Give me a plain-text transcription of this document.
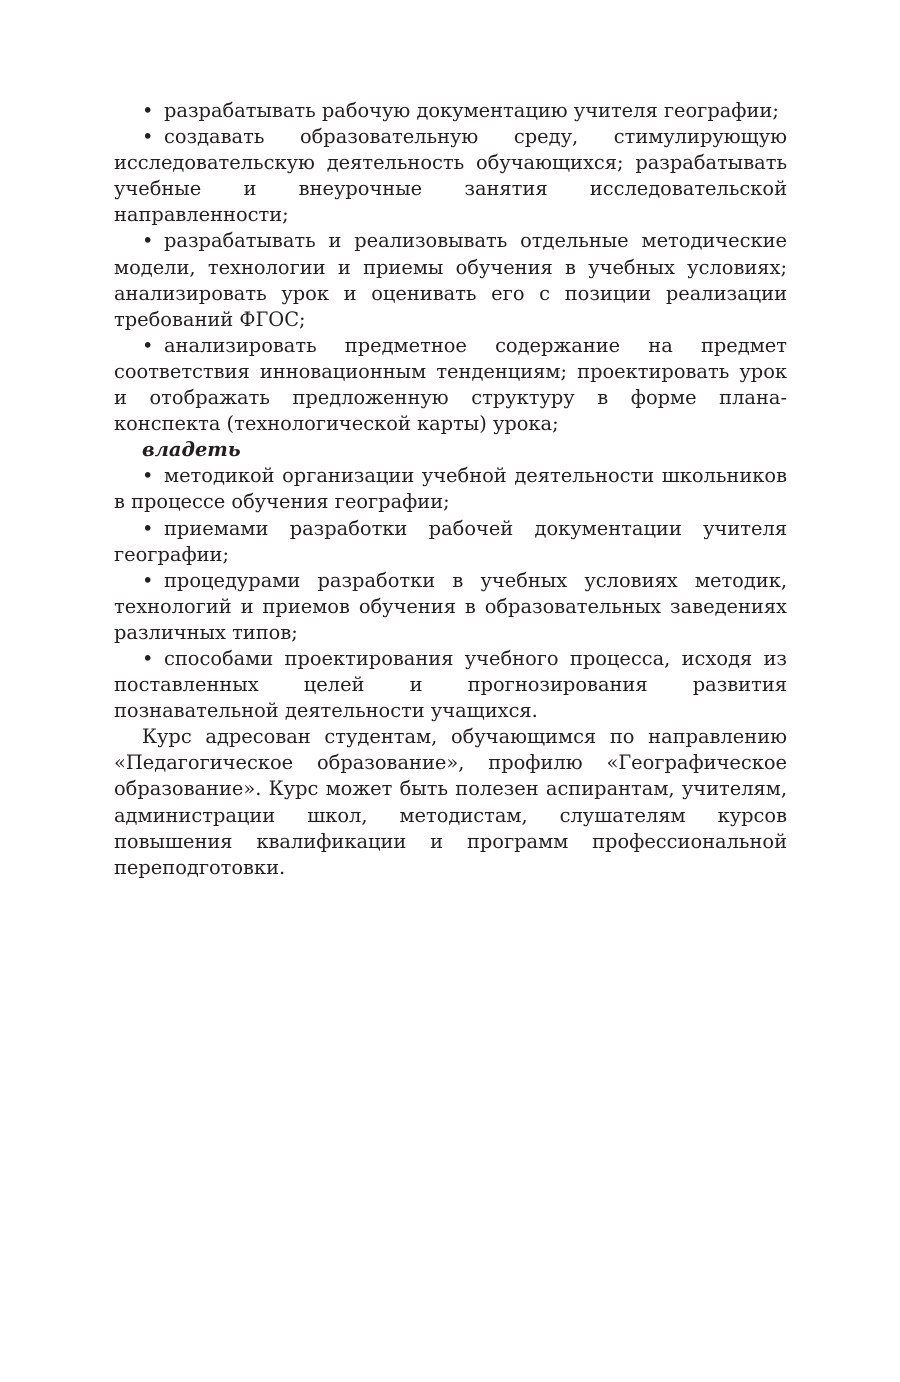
• разрабатывать рабочую документацию учителя географии;

• создавать образовательную среду, стимулирующую исследовательскую деятельность обучающихся; разрабатывать учебные и внеурочные занятия исследовательской направленности;

• разрабатывать и реализовывать отдельные методические модели, технологии и приемы обучения в учебных условиях; анализировать урок и оценивать его с позиции реализации требований ФГОС;

• анализировать предметное содержание на предмет соответствия инновационным тенденциям; проектировать урок и отображать предложенную структуру в форме плана-конспекта (технологической карты) урока;

владеть

• методикой организации учебной деятельности школьников в процессе обучения географии;

• приемами разработки рабочей документации учителя географии;

• процедурами разработки в учебных условиях методик, технологий и приемов обучения в образовательных заведениях различных типов;

• способами проектирования учебного процесса, исходя из поставленных целей и прогнозирования развития познавательной деятельности учащихся.

Курс адресован студентам, обучающимся по направлению «Педагогическое образование», профилю «Географическое образование». Курс может быть полезен аспирантам, учителям, администрации школ, методистам, слушателям курсов повышения квалификации и программ профессиональной переподготовки.
